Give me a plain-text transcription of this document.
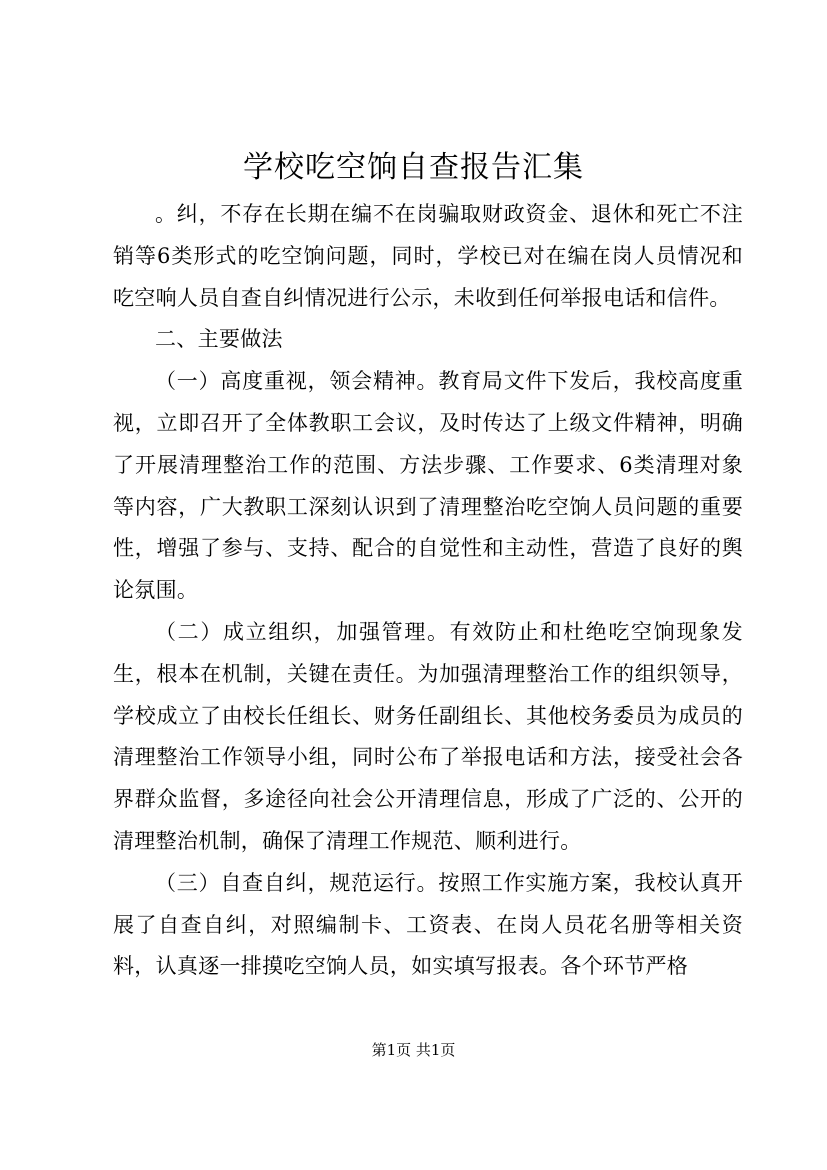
学校吃空饷自查报告汇集

。纠，不存在长期在编不在岗骗取财政资金、退休和死亡不注销等6类形式的吃空饷问题，同时，学校已对在编在岗人员情况和吃空响人员自查自纠情况进行公示，未收到任何举报电话和信件。

二、主要做法

（一）高度重视，领会精神。教育局文件下发后，我校高度重视，立即召开了全体教职工会议，及时传达了上级文件精神，明确了开展清理整治工作的范围、方法步骤、工作要求、6类清理对象等内容，广大教职工深刻认识到了清理整治吃空饷人员问题的重要性，增强了参与、支持、配合的自觉性和主动性，营造了良好的舆论氛围。

（二）成立组织，加强管理。有效防止和杜绝吃空饷现象发生，根本在机制，关键在责任。为加强清理整治工作的组织领导，学校成立了由校长任组长、财务任副组长、其他校务委员为成员的清理整治工作领导小组，同时公布了举报电话和方法，接受社会各界群众监督，多途径向社会公开清理信息，形成了广泛的、公开的清理整治机制，确保了清理工作规范、顺利进行。

（三）自查自纠，规范运行。按照工作实施方案，我校认真开展了自查自纠，对照编制卡、工资表、在岗人员花名册等相关资料，认真逐一排摸吃空饷人员，如实填写报表。各个环节严格

第1页 共1页
